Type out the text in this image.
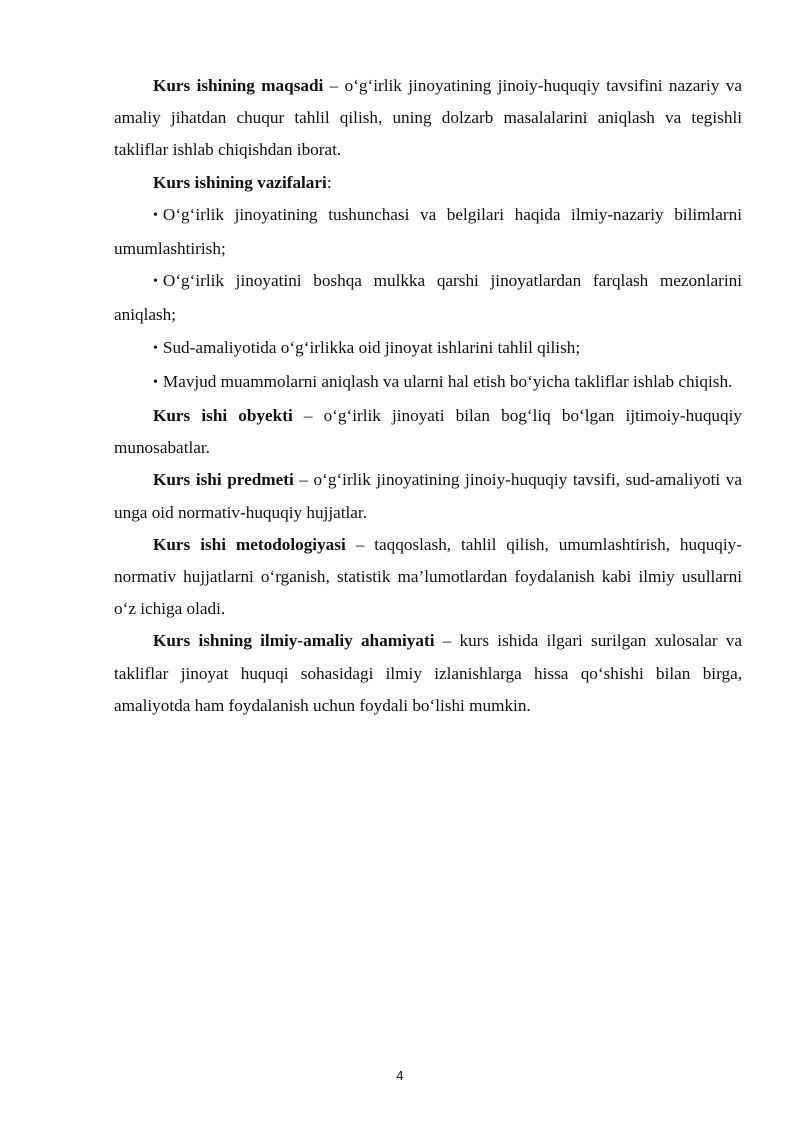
Kurs ishining maqsadi – o‘g‘irlik jinoyatining jinoiy-huquqiy tavsifini nazariy va amaliy jihatdan chuqur tahlil qilish, uning dolzarb masalalarini aniqlash va tegishli takliflar ishlab chiqishdan iborat.

Kurs ishining vazifalari:

• O‘g‘irlik jinoyatining tushunchasi va belgilari haqida ilmiy-nazariy bilimlarni umumlashtirish;

• O‘g‘irlik jinoyatini boshqa mulkka qarshi jinoyatlardan farqlash mezonlarini aniqlash;

• Sud-amaliyotida o‘g‘irlikka oid jinoyat ishlarini tahlil qilish;

• Mavjud muammolarni aniqlash va ularni hal etish bo‘yicha takliflar ishlab chiqish.

Kurs ishi obyekti – o‘g‘irlik jinoyati bilan bog‘liq bo‘lgan ijtimoiy-huquqiy munosabatlar.

Kurs ishi predmeti – o‘g‘irlik jinoyatining jinoiy-huquqiy tavsifi, sud-amaliyoti va unga oid normativ-huquqiy hujjatlar.

Kurs ishi metodologiyasi – taqqoslash, tahlil qilish, umumlashtirish, huquqiy-normativ hujjatlarni o‘rganish, statistik ma’lumotlardan foydalanish kabi ilmiy usullarni o‘z ichiga oladi.

Kurs ishning ilmiy-amaliy ahamiyati – kurs ishida ilgari surilgan xulosalar va takliflar jinoyat huquqi sohasidagi ilmiy izlanishlarga hissa qo‘shishi bilan birga, amaliyotda ham foydalanish uchun foydali bo‘lishi mumkin.

4
